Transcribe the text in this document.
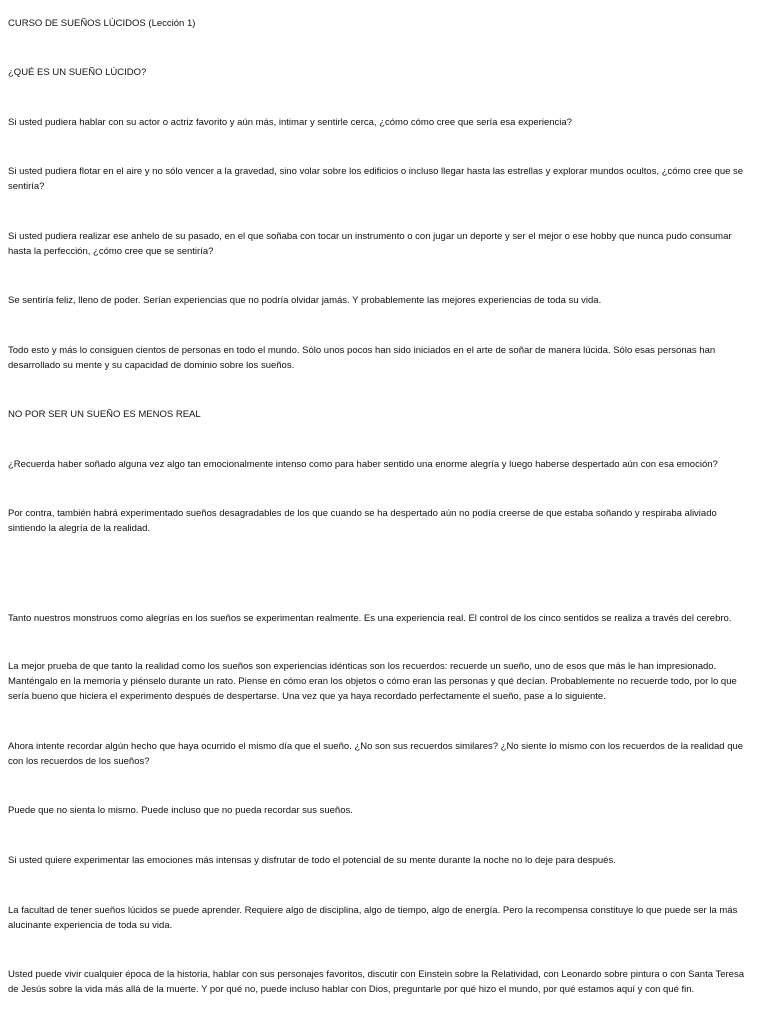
CURSO DE SUEÑOS LÚCIDOS (Lección 1)
¿QUÉ ES UN SUEÑO LÚCIDO?
Si usted pudiera hablar con su actor o actriz favorito y aún más, intimar y sentirle cerca, ¿cómo cómo cree que sería esa experiencia?
Si usted pudiera flotar en el aire y no sólo vencer a la gravedad, sino volar sobre los edificios o incluso llegar hasta las estrellas y explorar mundos ocultos, ¿cómo cree que se sentiría?
Si usted pudiera realizar ese anhelo de su pasado, en el que soñaba con tocar un instrumento o con jugar un deporte y ser el mejor o ese hobby que nunca pudo consumar hasta la perfección, ¿cómo cree que se sentiría?
Se sentiría feliz, lleno de poder. Serían experiencias que no podría olvidar jamás. Y probablemente las mejores experiencias de toda su vida.
Todo esto y más lo consiguen cientos de personas en todo el mundo. Sólo unos pocos han sido iniciados en el arte de soñar de manera lúcida. Sólo esas personas han desarrollado su mente y su capacidad de dominio sobre los sueños.
NO POR SER UN SUEÑO ES MENOS REAL
¿Recuerda haber soñado alguna vez algo tan emocionalmente intenso como para haber sentido una enorme alegría y luego haberse despertado aún con esa emoción?
Por contra, también habrá experimentado sueños desagradables de los que cuando se ha despertado aún no podía creerse de que estaba soñando y respiraba aliviado sintiendo la alegría de la realidad.
Tanto nuestros monstruos como alegrías en los sueños se experimentan realmente. Es una experiencia real. El control de los cinco sentidos se realiza a través del cerebro.
La mejor prueba de que tanto la realidad como los sueños son experiencias idénticas son los recuerdos: recuerde un sueño, uno de esos que más le han impresionado. Manténgalo en la memoria y piénselo durante un rato. Piense en cómo eran los objetos o cómo eran las personas y qué decían. Probablemente no recuerde todo, por lo que sería bueno que hiciera el experimento después de despertarse. Una vez que ya haya recordado perfectamente el sueño, pase a lo siguiente.
Ahora intente recordar algún hecho que haya ocurrido el mismo día que el sueño. ¿No son sus recuerdos similares? ¿No siente lo mismo con los recuerdos de la realidad que con los recuerdos de los sueños?
Puede que no sienta lo mismo. Puede incluso que no pueda recordar sus sueños.
Si usted quiere experimentar las emociones más intensas y disfrutar de todo el potencial de su mente durante la noche no lo deje para después.
La facultad de tener sueños lúcidos se puede aprender. Requiere algo de disciplina, algo de tiempo, algo de energía. Pero la recompensa constituye lo que puede ser la más alucinante experiencia de toda su vida.
Usted puede vivir cualquier época de la historia, hablar con sus personajes favoritos, discutir con Einstein sobre la Relatividad, con Leonardo sobre pintura o con Santa Teresa de Jesús sobre la vida más allá de la muerte. Y por qué no, puede incluso hablar con Dios, preguntarle por qué hizo el mundo, por qué estamos aquí y con qué fin.
